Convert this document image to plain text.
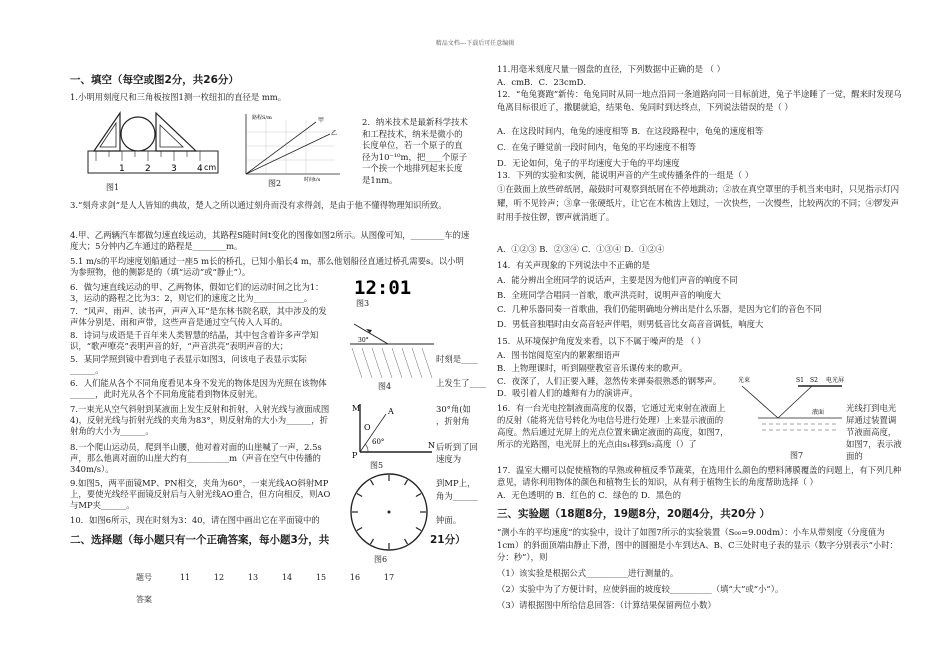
精品文档---下载后可任意编辑
一、填空（每空或图2分，共26分）
1.小明用刻度尺和三角板按图1测一枚纽扣的直径是 mm。
1 2 3 4 cm
图1
路程S/m
时间t/s
甲
乙
图2
2．纳米技术是最新科学技术和工程技术，纳米是微小的长度单位，若一个原子的直径为10⁻¹⁰m，把____个原子一个挨一个地排列起来长度是1nm。
3.“刻舟求剑”是人人皆知的典故，楚人之所以通过刻舟而没有求得剑，是由于他不懂得物理知识所致。
4.甲、乙两辆汽车都做匀速直线运动，其路程S随时间t变化的图像如图2所示。从图像可知，________车的速度大；5分钟内乙车通过的路程是________m。
5.1 m/s的平均速度划船通过一座5 m长的桥孔，已知小船长4 m，那么他划船径直通过桥孔需要s。以小明为参照物，他的侧影是的（填“运动”或“静止”）。
6．做匀速直线运动的甲、乙两物体，假如它们的运动时间之比为1：3，运动的路程之比为3：2，则它们的速度之比为____________。
7．“风声、雨声、读书声，声声入耳”是东林书院名联，其中涉及的发声体分别是、雨和声带，这些声音是通过空气传入人耳的。
8．诗词与成语是千百年来人类智慧的结晶，其中包含着许多声学知识，“歌声嘹亮”表明声音的好，“声音洪亮”表明声音的大；
5．某同学照到镜中看到电子表显示如图3，问该电子表显示实际______。
6．人们能从各个不同角度看见本身不发光的物体是因为光照在该物体______，此时光从各个不同角度能看到物体反射光。
7.一束光从空气斜射到某液面上发生反射和折射，入射光线与液面成图4)，反射光线与折射光线的夹角为83°，则反射角的大小为______，折射角的大小为______。
8.一个爬山运动员，爬到半山腰，他对着对面的山崖喊了一声，2.5s声，那么他离对面的山崖大约有__________m（声音在空气中传播的340m/s）。
9.如图5，两平面镜MP、PN相交，夹角为60°，一束光线AO斜射MP上，要使光线经平面镜反射后与入射光线AO重合，但方向相反，则AO与MP夹______。
10．如图6所示，现在时刻为3：40，请在图中画出它在平面镜中的
12:01
图3
30°
图4
M
P
N
O
A
60°
图5
图6
时刻是____
上发生了____
30°角(如
，折射角
后听到了回
速度为
到MP上，
角为______
钟面。
二、选择题（每小题只有一个正确答案，每小题3分，共	21分）
题号	11	12	13	14	15	16	17
答案							
11.用毫米刻度尺量一圆盘的直径，下列数据中正确的是 （ ）
A．cmB．C．23cmD．
12．“龟兔赛跑”新传：龟兔同时从同一地点沿同一条道路向同一目标前进，兔子半途睡了一觉，醒来时发现乌龟离目标很近了，撒腿就追，结果龟、兔同时到达终点，下列说法错误的是（ ）
A．在这段时间内，龟兔的速度相等 B．在这段路程中，龟兔的速度相等
C．在兔子睡觉前一段时间内，龟兔的平均速度不相等
D．无论如何，兔子的平均速度大于龟的平均速度
13．下列的实验和实例，能说明声音的产生或传播条件的一组是（ ）
①在鼓面上放些碎纸屑，敲鼓时可观察到纸屑在不停地跳动；②放在真空罩里的手机当来电时，只见指示灯闪耀，听不见铃声；③拿一张硬纸片，让它在木梳齿上划过，一次快些，一次慢些，比较两次的不同；④锣发声时用手按住锣，锣声就消逝了。
A．①②③ B．②③④ C．①③④ D．①②④
14．有关声现象的下列说法中不正确的是
A．能分辨出全班同学的说话声，主要是因为他们声音的响度不同
B．全班同学合唱同一首歌，歌声洪亮时，说明声音的响度大
C．几种乐器同奏一首歌曲，我们仍能明确地分辨出是什么乐器，是因为它们的音色不同
D．男低音独唱时由女高音轻声伴唱，则男低音比女高音音调低，响度大
15．从环境保护角度发来看，以下不属于噪声的是 （ ）
A．图书馆阅览室内的絮絮细语声
B．上物理课时，听到隔壁教室音乐课传来的歌声。
C．夜深了，人们正要入睡，忽然传来弹奏很熟悉的钢琴声。
D．吸引着人们的雄辩有力的演讲声。
16．有一台光电控制液面高度的仪器，它通过光束射在液面上的反射（能将光信号转化为电信号进行处理）上来显示液面的高度。然后通过光屏上的光点位置来确定液面的高度，如图7，所示的光路图，电光屏上的光点由s₁移到s₂高度（）了
光束	S1 S2 电光屏
液面	光线打到电光屏通过装置调节液面高度，如图7，表示液面的
图7
17．温室大棚可以促使植物的早熟或种植反季节蔬菜，在选用什么颜色的塑料薄膜覆盖的问题上，有下列几种意见，请你利用物体的颜色和植物生长的知识，从有利于植物生长的角度帮助选择（ ）
A．无色透明的 B．红色的 C．绿色的 D．黑色的
三、实验题（18题8分，19题8分，20题4分，共20分 ）
“测小车的平均速度”的实验中，设计了如图7所示的实验装置（S₀₀=9.00dm）：小车从带刻度（分度值为1cm）的斜面顶端由静止下滑，图中的圆圈是小车到达A、B、C三处时电子表的显示（数字分别表示“小时：分：秒”），则
（1）该实验是根据公式__________进行测量的。
（2）实验中为了方便计时，应使斜面的坡度较__________（填“大”或“小”）。
（3）请根据图中所给信息回答：（计算结果保留两位小数）
